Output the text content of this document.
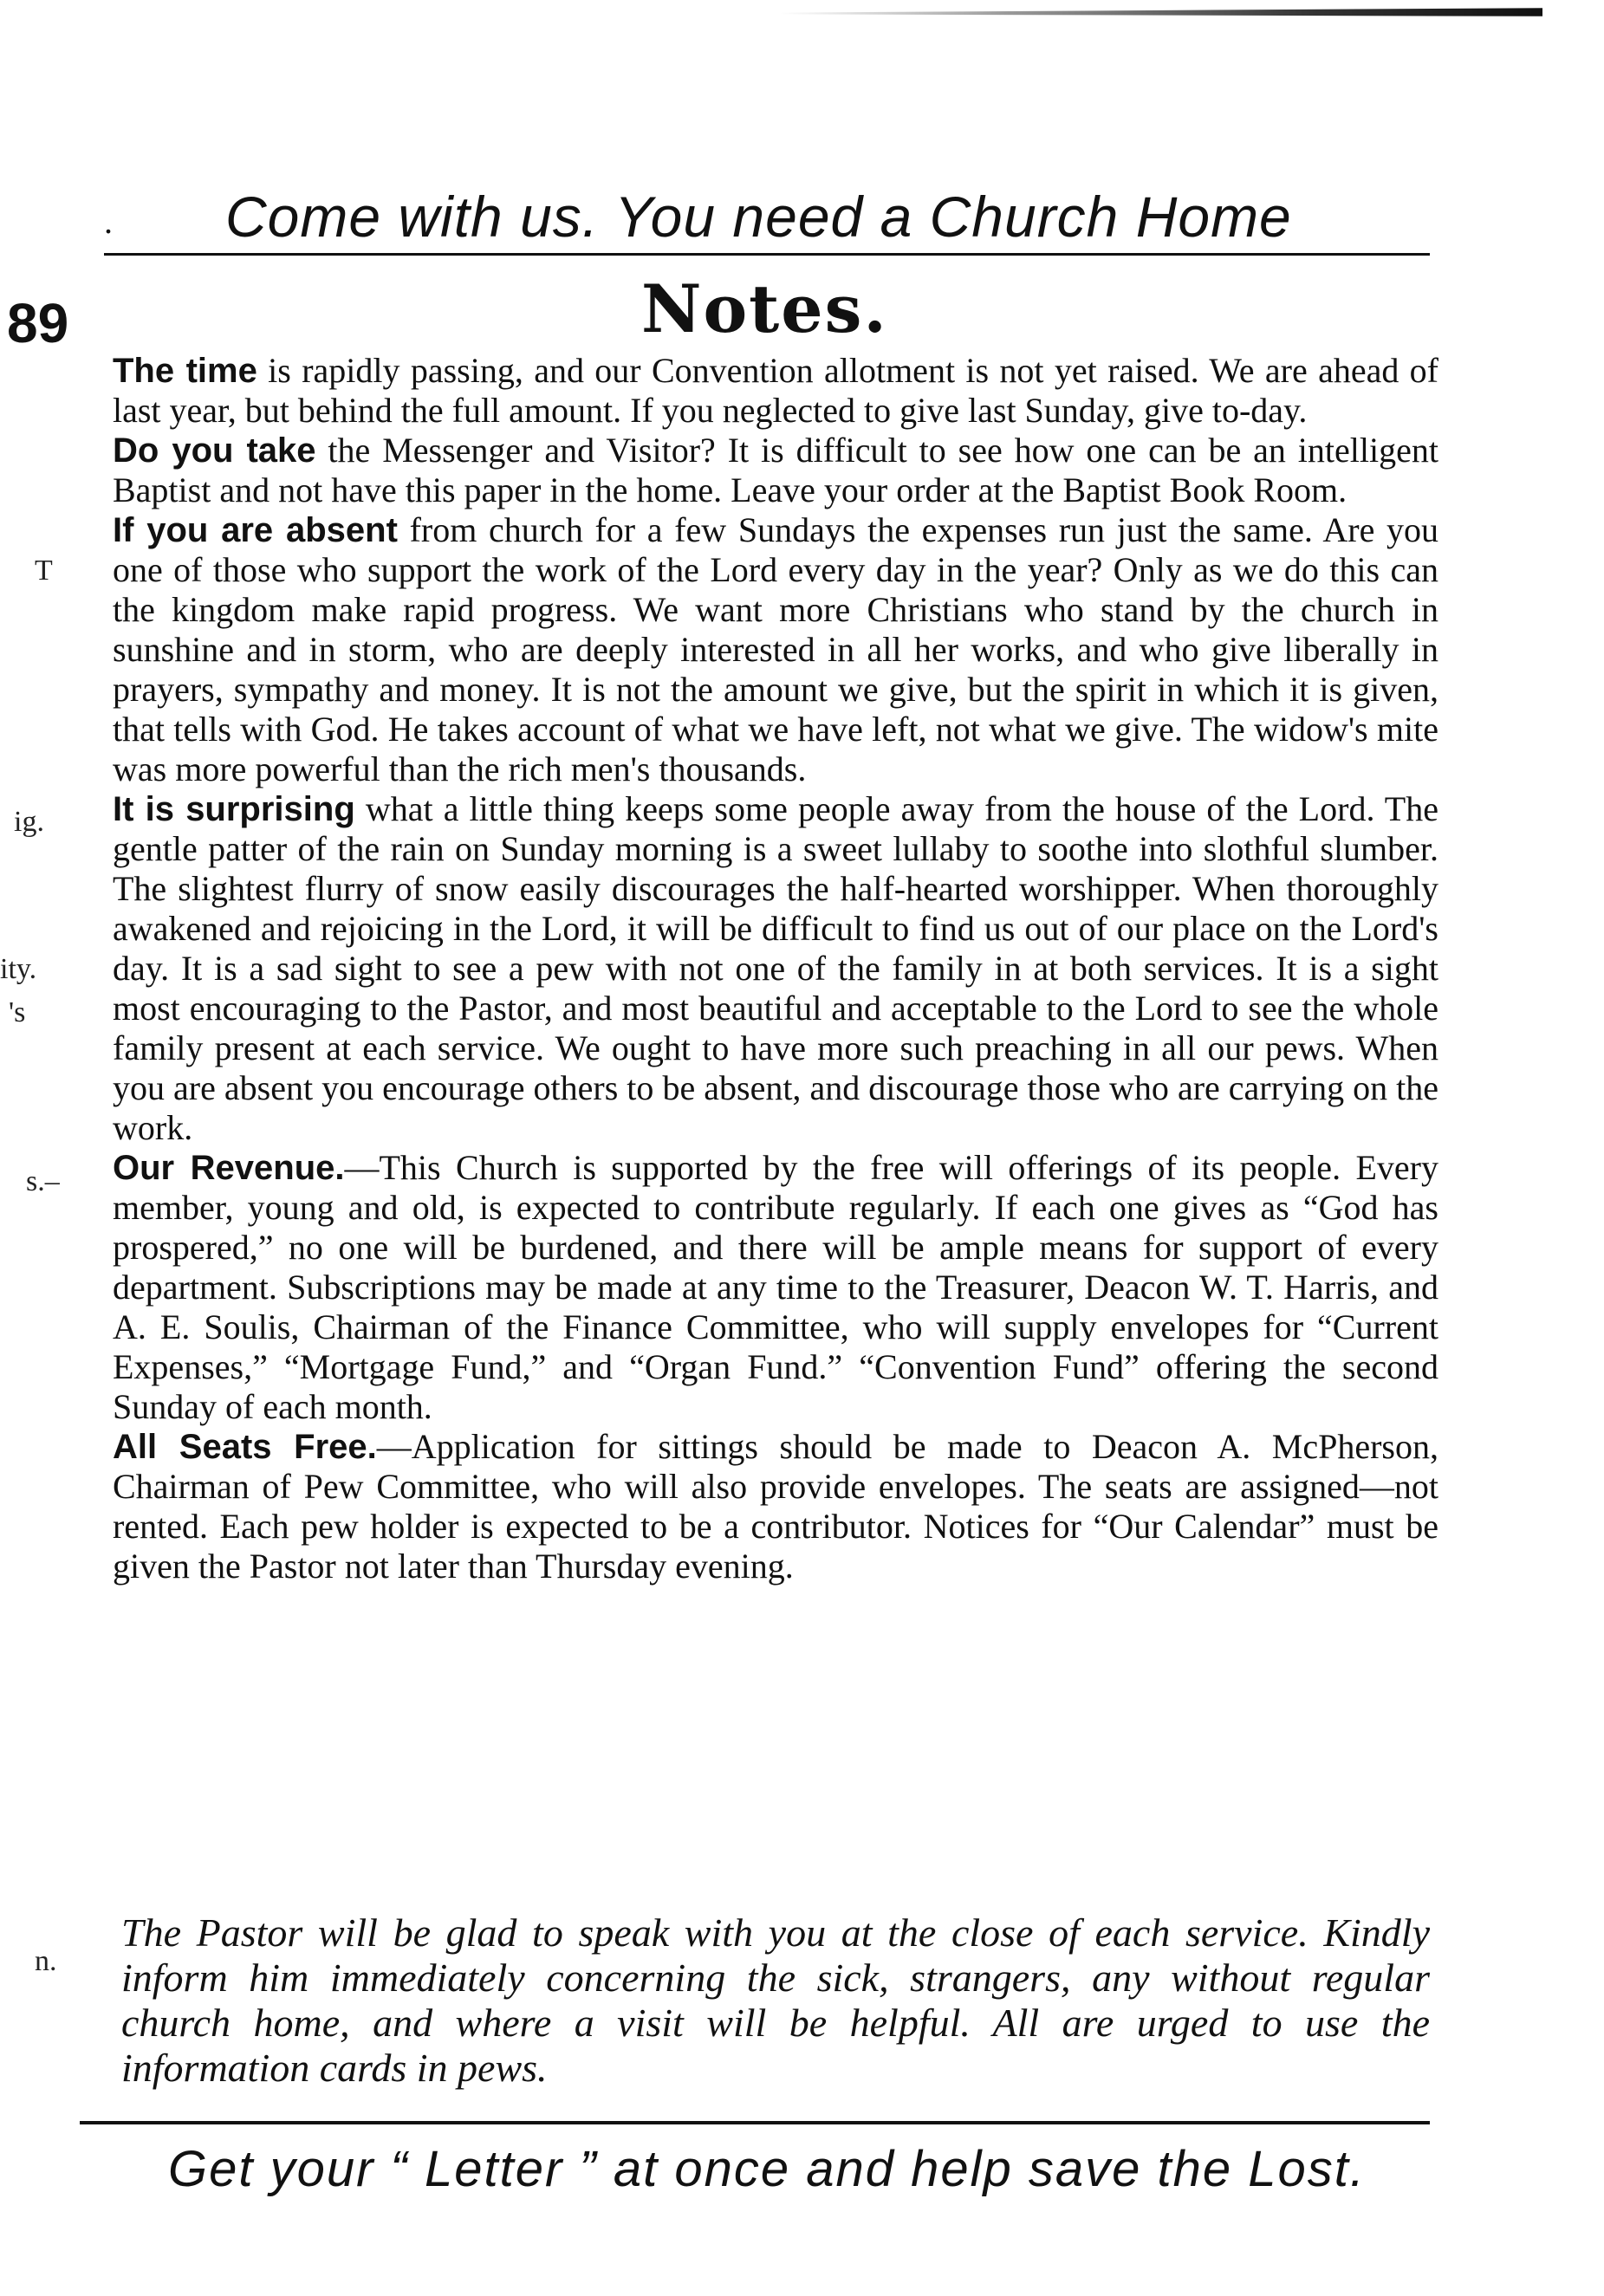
. Come with us. You need a Church Home
89	Notes.
T
ig.
ity.
's
s.–
n.

The time is rapidly passing, and our Convention allotment is not yet raised. We are ahead of last year, but behind the full amount. If you neglected to give last Sunday, give to-day.

Do you take the Messenger and Visitor? It is difficult to see how one can be an intelligent Baptist and not have this paper in the home. Leave your order at the Baptist Book Room.

If you are absent from church for a few Sundays the expenses run just the same. Are you one of those who support the work of the Lord every day in the year? Only as we do this can the kingdom make rapid progress. We want more Christians who stand by the church in sunshine and in storm, who are deeply interested in all her works, and who give liberally in prayers, sympathy and money. It is not the amount we give, but the spirit in which it is given, that tells with God. He takes account of what we have left, not what we give. The widow's mite was more powerful than the rich men's thousands.

It is surprising what a little thing keeps some people away from the house of the Lord. The gentle patter of the rain on Sunday morning is a sweet lullaby to soothe into slothful slumber. The slightest flurry of snow easily discourages the half-hearted worshipper. When thoroughly awakened and rejoicing in the Lord, it will be difficult to find us out of our place on the Lord's day. It is a sad sight to see a pew with not one of the family in at both services. It is a sight most encouraging to the Pastor, and most beautiful and acceptable to the Lord to see the whole family present at each service. We ought to have more such preaching in all our pews. When you are absent you encourage others to be absent, and discourage those who are carrying on the work.

Our Revenue.—This Church is supported by the free will offerings of its people. Every member, young and old, is expected to contribute regularly. If each one gives as “God has prospered,” no one will be burdened, and there will be ample means for support of every department. Subscriptions may be made at any time to the Treasurer, Deacon W. T. Harris, and A. E. Soulis, Chairman of the Finance Committee, who will supply envelopes for “Current Expenses,” “Mortgage Fund,” and “Organ Fund.” “Convention Fund” offering the second Sunday of each month.

All Seats Free.—Application for sittings should be made to Deacon A. McPherson, Chairman of Pew Committee, who will also provide envelopes. The seats are assigned—not rented. Each pew holder is expected to be a contributor. Notices for “Our Calendar” must be given the Pastor not later than Thursday evening.

The Pastor will be glad to speak with you at the close of each service. Kindly inform him immediately concerning the sick, strangers, any without regular church home, and where a visit will be helpful. All are urged to use the information cards in pews.
Get your “ Letter ” at once and help save the Lost.
